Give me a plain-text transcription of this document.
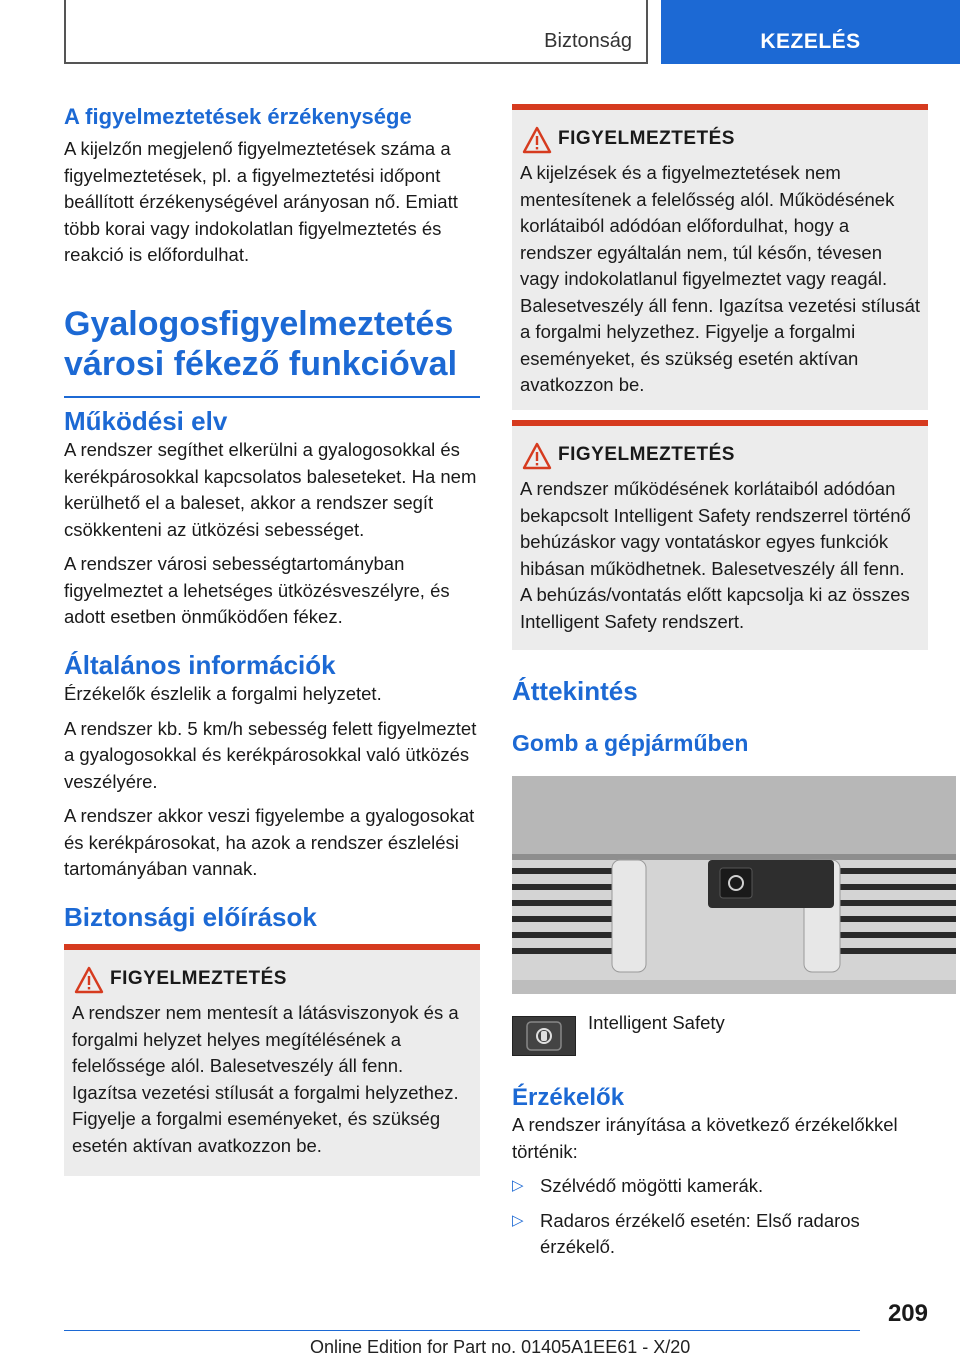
Biztonság	KEZELÉS
A figyelmeztetések érzékenysége

A kijelzőn megjelenő figyelmeztetések száma a figyelmeztetések, pl. a figyelmeztetési időpont beállított érzékenységével arányosan nő. Emiatt több korai vagy indokolatlan figyelmeztetés és reakció is előfordulhat.

Gyalogosfigyelmeztetés
városi fékező funkcióval
Működési elv

A rendszer segíthet elkerülni a gyalogosokkal és kerékpárosokkal kapcsolatos baleseteket. Ha nem kerülhető el a baleset, akkor a rendszer segít csökkenteni az ütközési sebességet.

A rendszer városi sebességtartományban figyelmeztet a lehetséges ütközésveszélyre, és adott esetben önműködően fékez.

Általános információk

Érzékelők észlelik a forgalmi helyzetet.

A rendszer kb. 5 km/h sebesség felett figyelmeztet a gyalogosokkal és kerékpárosokkal való ütközés veszélyére.

A rendszer akkor veszi figyelembe a gyalogosokat és kerékpárosokat, ha azok a rendszer észlelési tartományában vannak.

Biztonsági előírások
FIGYELMEZTETÉS

A rendszer nem mentesít a látásviszonyok és a forgalmi helyzet helyes megítélésének a felelőssége alól. Balesetveszély áll fenn. Igazítsa vezetési stílusát a forgalmi helyzethez. Figyelje a forgalmi eseményeket, és szükség esetén aktívan avatkozzon be.

FIGYELMEZTETÉS

A kijelzések és a figyelmeztetések nem mentesítenek a felelősség alól. Működésének korlátaiból adódóan előfordulhat, hogy a rendszer egyáltalán nem, túl későn, tévesen vagy indokolatlanul figyelmeztet vagy reagál. Balesetveszély áll fenn. Igazítsa vezetési stílusát a forgalmi helyzethez. Figyelje a forgalmi eseményeket, és szükség esetén aktívan avatkozzon be.

FIGYELMEZTETÉS

A rendszer működésének korlátaiból adódóan bekapcsolt Intelligent Safety rendszerrel történő behúzáskor vagy vontatáskor egyes funkciók hibásan működhetnek. Balesetveszély áll fenn. A behúzás/vontatás előtt kapcsolja ki az összes Intelligent Safety rendszert.

Áttekintés
Gomb a gépjárműben
Intelligent Safety
Érzékelők

A rendszer irányítása a következő érzékelőkkel történik:

▷ Szélvédő mögötti kamerák.
▷ Radaros érzékelő esetén: Első radaros érzékelő.
209
Online Edition for Part no. 01405A1EE61 - X/20
